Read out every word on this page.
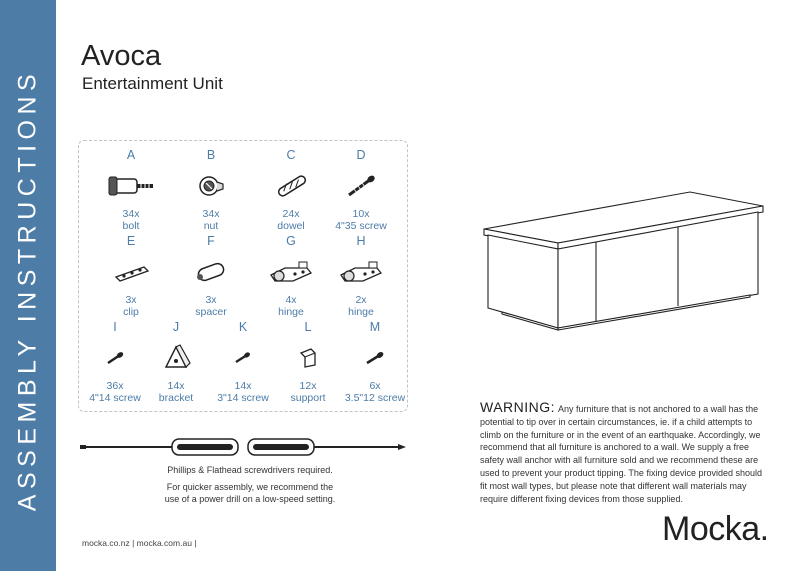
ASSEMBLY INSTRUCTIONS
Avoca
Entertainment Unit
A
34x
bolt
B
34x
nut
C
24x
dowel
D
10x
4"35 screw
E
3x
clip
F
3x
spacer
G
4x
hinge
H
2x
hinge
I
36x
4"14 screw
J
14x
bracket
K
14x
3"14 screw
L
12x
support
M
6x
3.5"12 screw
Phillips & Flathead screwdrivers required.
For quicker assembly, we recommend the
use of a power drill on a low-speed setting.
mocka.co.nz | mocka.com.au |
WARNING: Any furniture that is not anchored to a wall has the potential to tip over in certain circumstances, ie. if a child attempts to climb on the furniture or in the event of an earthquake. Accordingly, we recommend that all furniture is anchored to a wall. We supply a free safety wall anchor with all furniture sold and we recommend these are used to prevent your product tipping. The fixing device provided should fit most wall types, but please note that different wall materials may require different fixing devices from those supplied.
Mocka.
